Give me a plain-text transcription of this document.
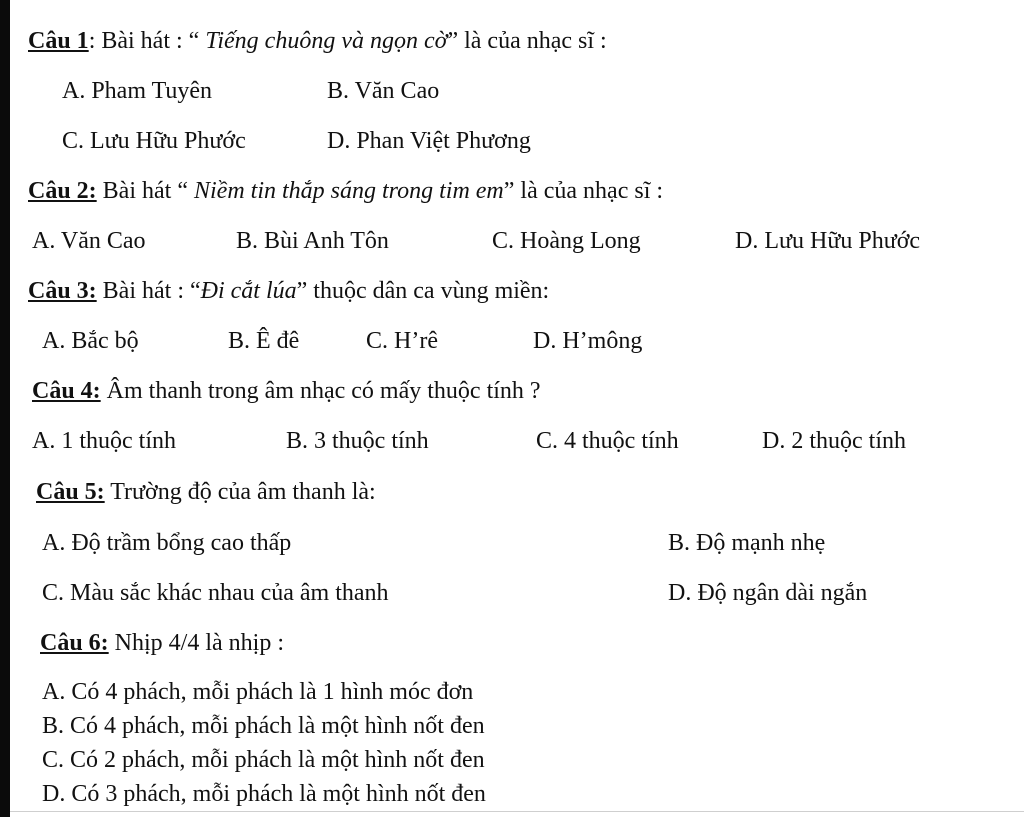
Câu 1: Bài hát : “ Tiếng chuông và ngọn cờ” là của nhạc sĩ :
A. Pham Tuyên	B. Văn Cao
C. Lưu Hữu Phước	D. Phan Việt Phương
Câu 2: Bài hát “ Niềm tin thắp sáng trong tim em” là của nhạc sĩ :
A. Văn Cao	B. Bùi Anh Tôn	C. Hoàng Long	D. Lưu Hữu Phước
Câu 3: Bài hát : “Đi cắt lúa” thuộc dân ca vùng miền:
A. Bắc bộ	B. Ê đê	C. H’rê	D. H’mông
Câu 4: Âm thanh trong âm nhạc có mấy thuộc tính ?
A. 1 thuộc tính	B. 3 thuộc tính	C. 4 thuộc tính	D. 2 thuộc tính
Câu 5: Trường độ của âm thanh là:
A. Độ trầm bổng cao thấp	B. Độ mạnh nhẹ
C. Màu sắc khác nhau của âm thanh	D. Độ ngân dài ngắn
Câu 6: Nhịp 4/4 là nhịp :
A. Có 4 phách, mỗi phách là 1 hình móc đơn
B. Có 4 phách, mỗi phách là một hình nốt đen
C. Có 2 phách, mỗi phách là một hình nốt đen
D. Có 3 phách, mỗi phách là một hình nốt đen
